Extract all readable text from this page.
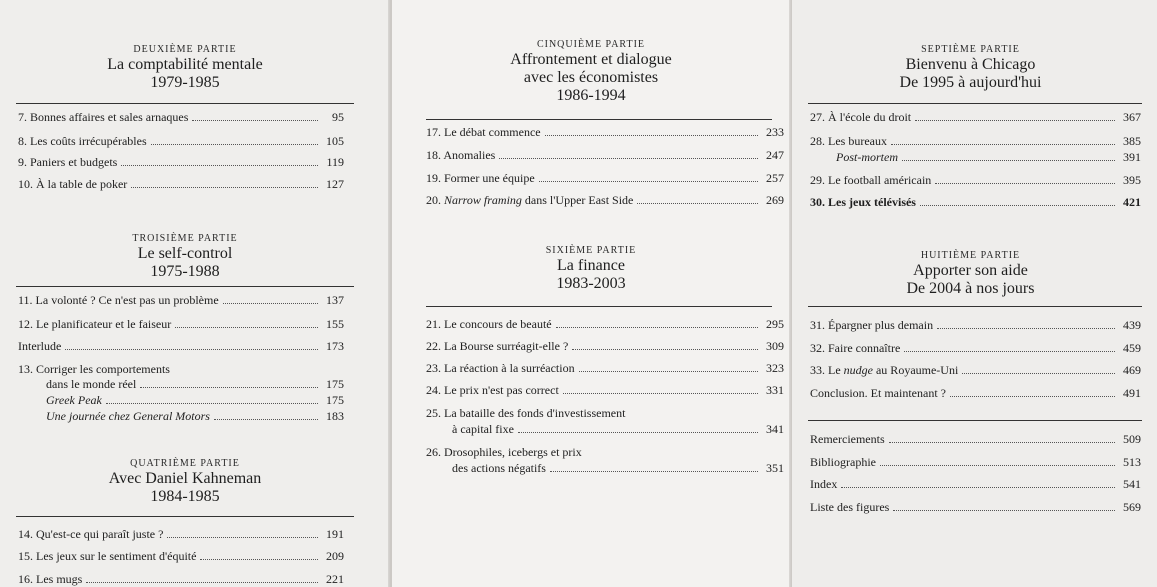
DEUXIÈME PARTIE
La comptabilité mentale
1979-1985
7. Bonnes affaires et sales arnaques	95
8. Les coûts irrécupérables	105
9. Paniers et budgets	119
10. À la table de poker	127
TROISIÈME PARTIE
Le self-control
1975-1988
11. La volonté ? Ce n'est pas un problème	137
12. Le planificateur et le faiseur	155
Interlude	173
13. Corriger les comportements
dans le monde réel	175
Greek Peak	175
Une journée chez General Motors	183
QUATRIÈME PARTIE
Avec Daniel Kahneman
1984-1985
14. Qu'est-ce qui paraît juste ?	191
15. Les jeux sur le sentiment d'équité	209
16. Les mugs	221
CINQUIÈME PARTIE
Affrontement et dialogue
avec les économistes
1986-1994
17. Le débat commence	233
18. Anomalies	247
19. Former une équipe	257
20. Narrow framing dans l'Upper East Side	269
SIXIÈME PARTIE
La finance
1983-2003
21. Le concours de beauté	295
22. La Bourse surréagit-elle ?	309
23. La réaction à la surréaction	323
24. Le prix n'est pas correct	331
25. La bataille des fonds d'investissement
à capital fixe	341
26. Drosophiles, icebergs et prix
des actions négatifs	351
SEPTIÈME PARTIE
Bienvenu à Chicago
De 1995 à aujourd'hui
27. À l'école du droit	367
28. Les bureaux	385
Post-mortem	391
29. Le football américain	395
30. Les jeux télévisés	421
HUITIÈME PARTIE
Apporter son aide
De 2004 à nos jours
31. Épargner plus demain	439
32. Faire connaître	459
33. Le nudge au Royaume-Uni	469
Conclusion. Et maintenant ?	491
Remerciements	509
Bibliographie	513
Index	541
Liste des figures	569
